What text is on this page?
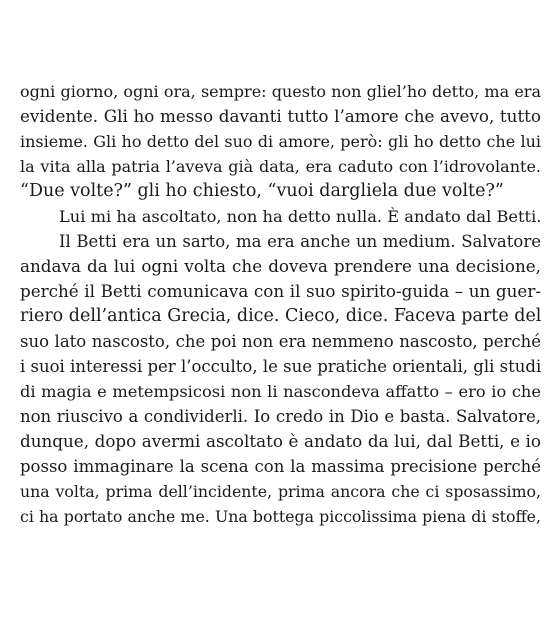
ogni giorno, ogni ora, sempre: questo non gliel’ho detto, ma era
evidente. Gli ho messo davanti tutto l’amore che avevo, tutto
insieme. Gli ho detto del suo di amore, però: gli ho detto che lui
la vita alla patria l’aveva già data, era caduto con l’idrovolante.
“Due volte?” gli ho chiesto, “vuoi dargliela due volte?”
Lui mi ha ascoltato, non ha detto nulla. È andato dal Betti.
Il Betti era un sarto, ma era anche un medium. Salvatore
andava da lui ogni volta che doveva prendere una decisione,
perché il Betti comunicava con il suo spirito-guida – un guer-
riero dell’antica Grecia, dice. Cieco, dice. Faceva parte del
suo lato nascosto, che poi non era nemmeno nascosto, perché
i suoi interessi per l’occulto, le sue pratiche orientali, gli studi
di magia e metempsicosi non li nascondeva affatto – ero io che
non riuscivo a condividerli. Io credo in Dio e basta. Salvatore,
dunque, dopo avermi ascoltato è andato da lui, dal Betti, e io
posso immaginare la scena con la massima precisione perché
una volta, prima dell’incidente, prima ancora che ci sposassimo,
ci ha portato anche me. Una bottega piccolissima piena di stoffe,
